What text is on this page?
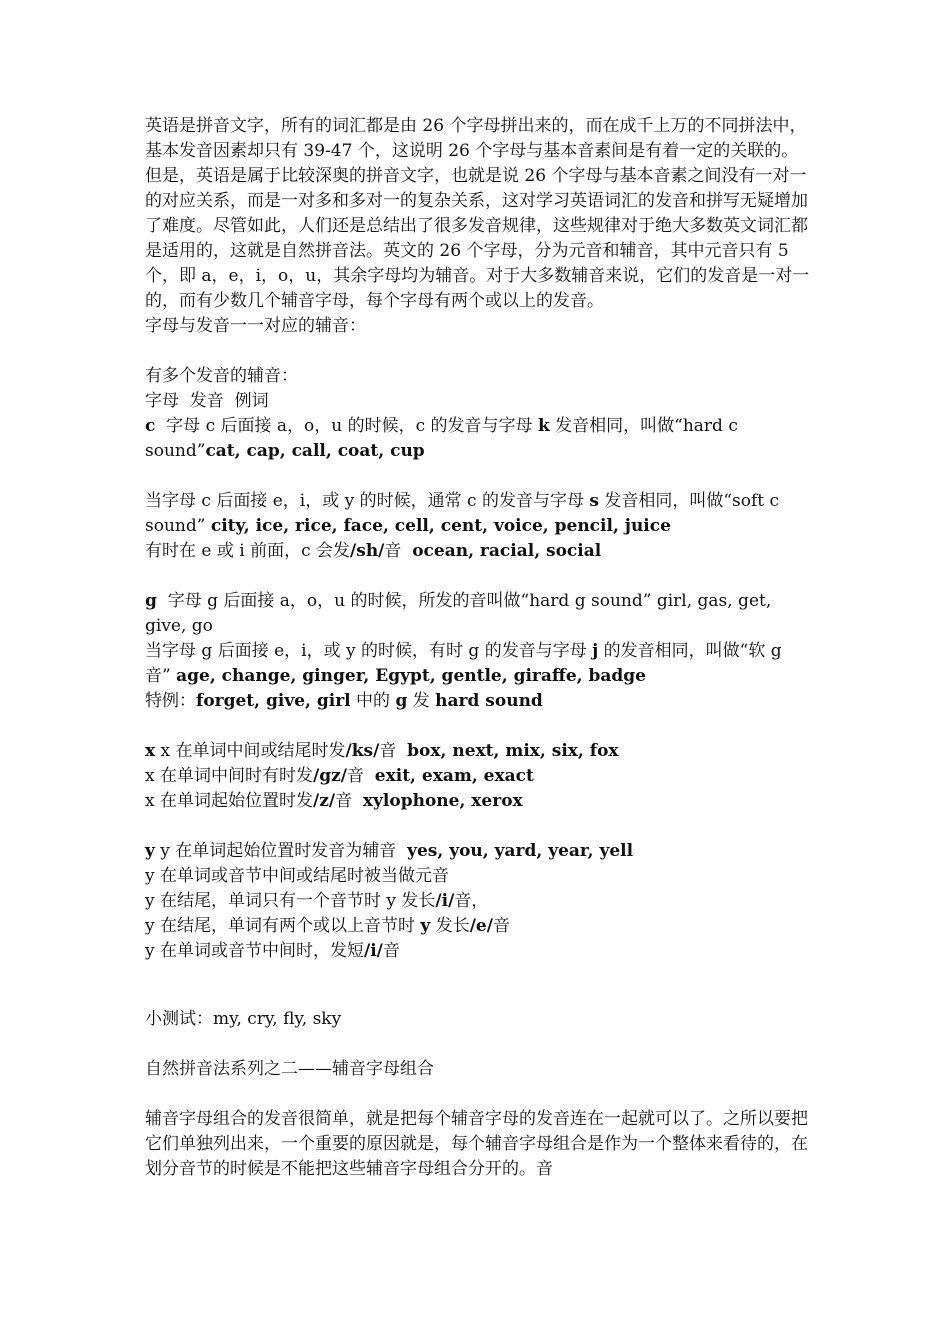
英语是拼音文字，所有的词汇都是由 26 个字母拼出来的，而在成千上万的不同拼法中，基本发音因素却只有 39-47 个，这说明 26 个字母与基本音素间是有着一定的关联的。但是，英语是属于比较深奥的拼音文字，也就是说 26 个字母与基本音素之间没有一对一的对应关系，而是一对多和多对一的复杂关系，这对学习英语词汇的发音和拼写无疑增加了难度。尽管如此，人们还是总结出了很多发音规律，这些规律对于绝大多数英文词汇都是适用的，这就是自然拼音法。英文的 26 个字母，分为元音和辅音，其中元音只有 5 个，即 a，e，i，o，u，其余字母均为辅音。对于大多数辅音来说，它们的发音是一对一的，而有少数几个辅音字母，每个字母有两个或以上的发音。

字母与发音一一对应的辅音：

有多个发音的辅音：

字母  发音  例词

c  字母 c 后面接 a，o，u 的时候，c 的发音与字母 k 发音相同，叫做“hard c sound”cat, cap, call, coat, cup

当字母 c 后面接 e，i，或 y 的时候，通常 c 的发音与字母 s 发音相同，叫做“soft c sound” city, ice, rice, face, cell, cent, voice, pencil, juice

有时在 e 或 i 前面，c 会发/sh/音  ocean, racial, social

g  字母 g 后面接 a，o，u 的时候，所发的音叫做“hard g sound” girl, gas, get, give, go

当字母 g 后面接 e，i，或 y 的时候，有时 g 的发音与字母 j 的发音相同，叫做“软 g 音” age, change, ginger, Egypt, gentle, giraffe, badge

特例：forget, give, girl 中的 g 发 hard sound

x x 在单词中间或结尾时发/ks/音  box, next, mix, six, fox

x 在单词中间时有时发/gz/音  exit, exam, exact

x 在单词起始位置时发/z/音  xylophone, xerox

y y 在单词起始位置时发音为辅音  yes, you, yard, year, yell

y 在单词或音节中间或结尾时被当做元音

y 在结尾，单词只有一个音节时 y 发长/i/音，

y 在结尾，单词有两个或以上音节时 y 发长/e/音

y 在单词或音节中间时，发短/i/音

小测试：my, cry, fly, sky

自然拼音法系列之二——辅音字母组合

辅音字母组合的发音很简单，就是把每个辅音字母的发音连在一起就可以了。之所以要把它们单独列出来，一个重要的原因就是，每个辅音字母组合是作为一个整体来看待的，在划分音节的时候是不能把这些辅音字母组合分开的。音
